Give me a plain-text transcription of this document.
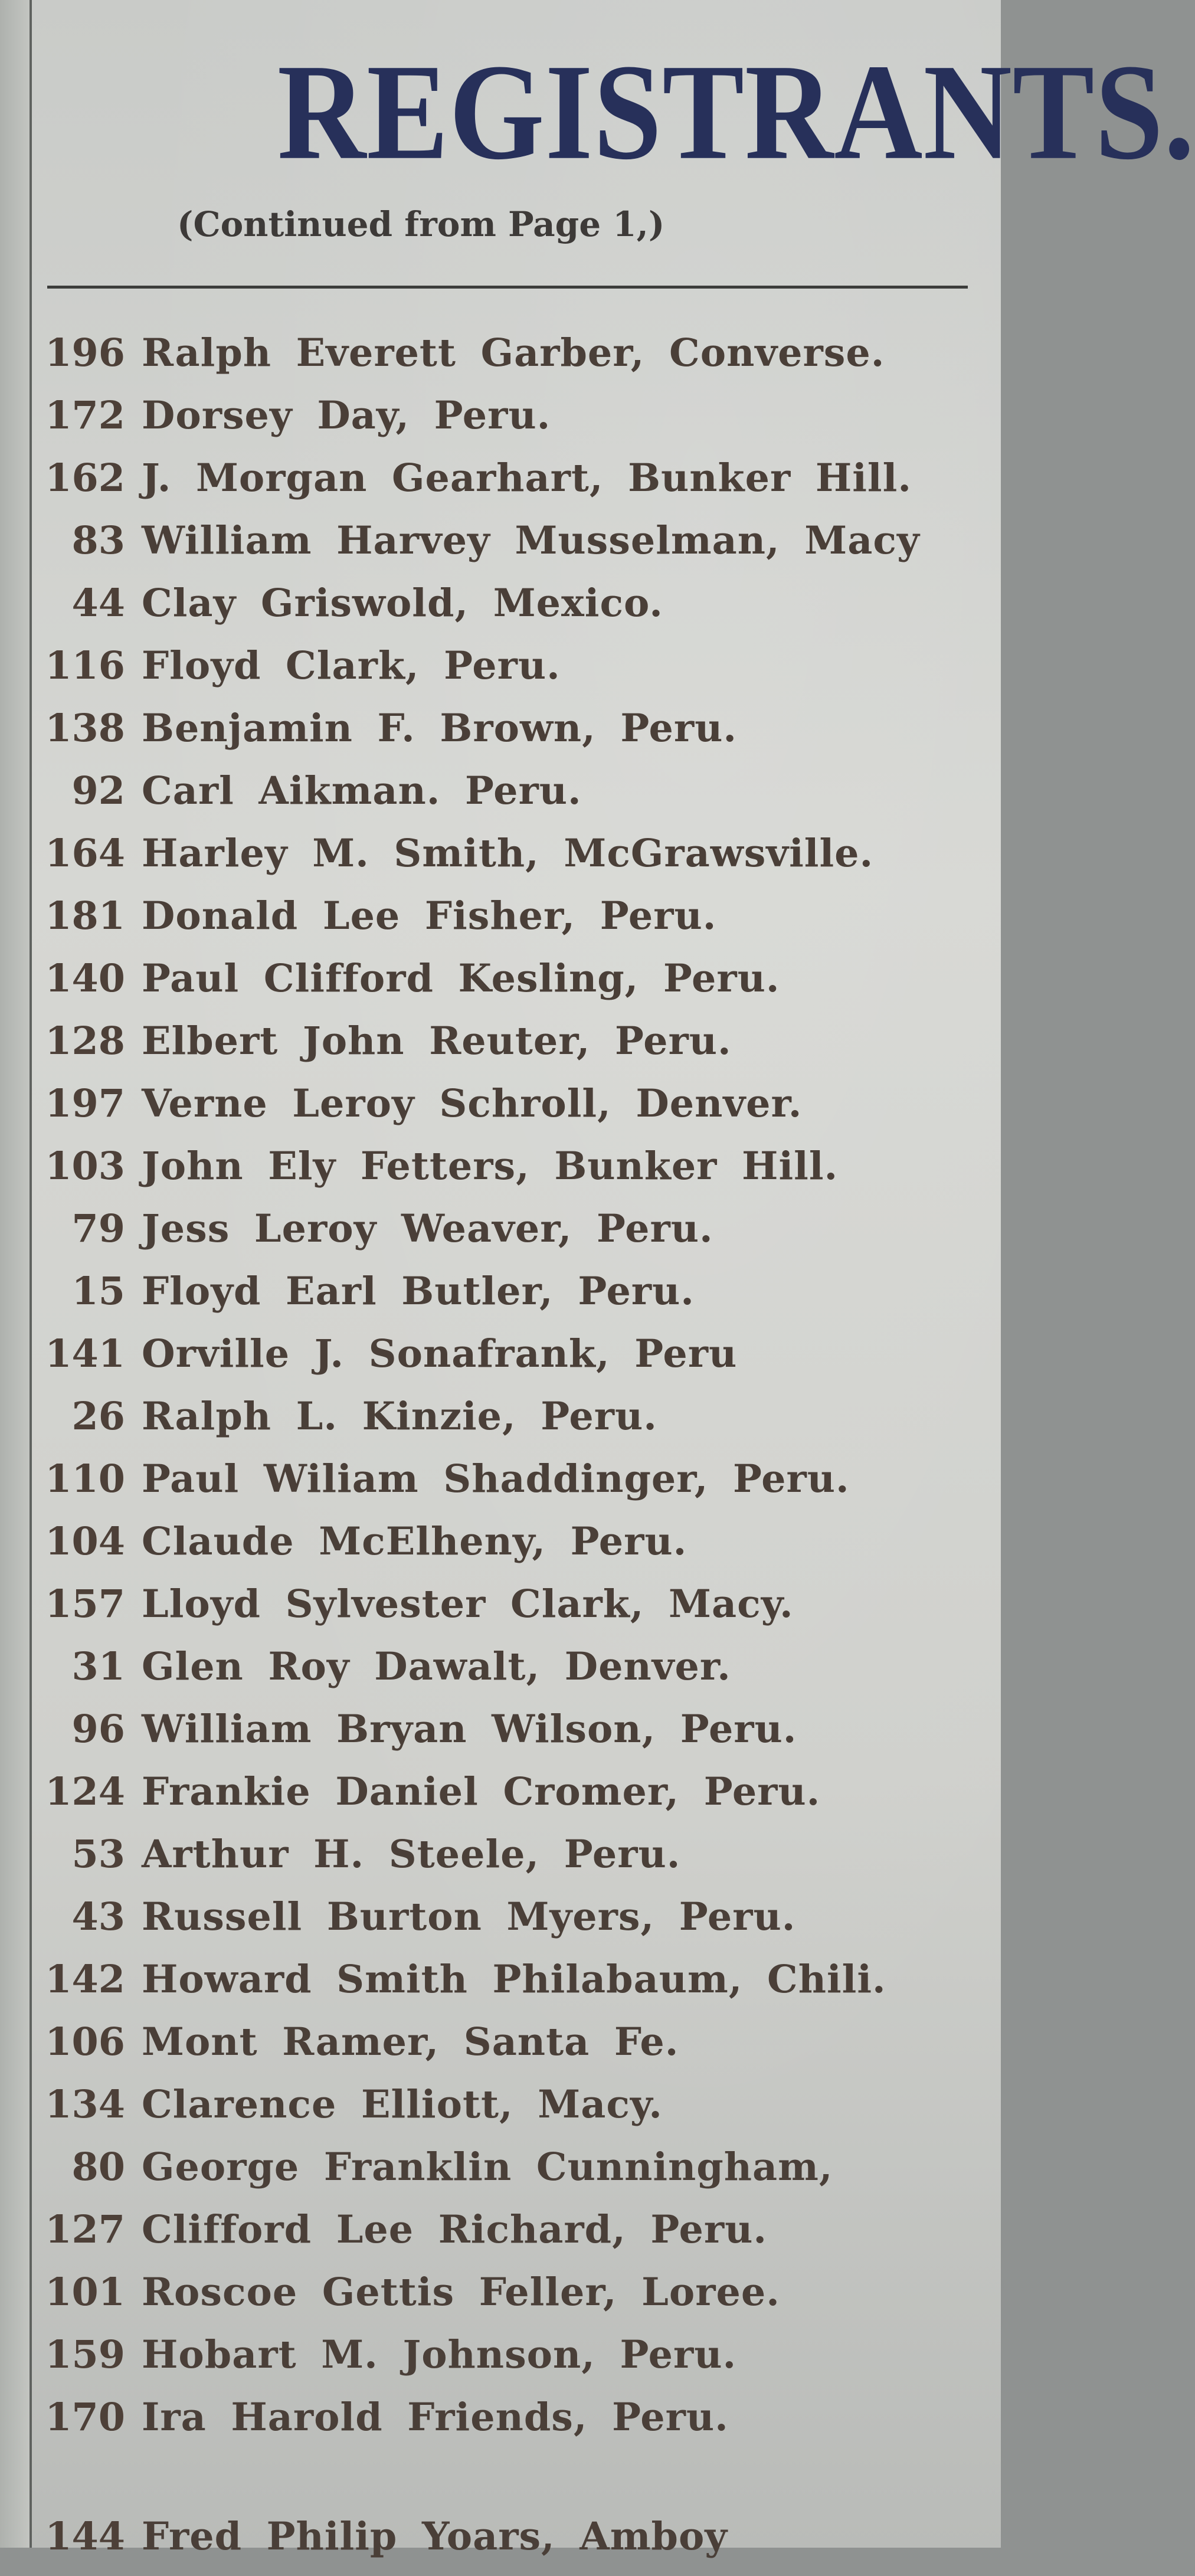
REGISTRANTS.
(Continued from Page 1,)
196 Ralph Everett Garber, Converse.
172 Dorsey Day, Peru.
162 J. Morgan Gearhart, Bunker Hill.
83 William Harvey Musselman, Macy
44 Clay Griswold, Mexico.
116 Floyd Clark, Peru.
138 Benjamin F. Brown, Peru.
92 Carl Aikman. Peru.
164 Harley M. Smith, McGrawsville.
181 Donald Lee Fisher, Peru.
140 Paul Clifford Kesling, Peru.
128 Elbert John Reuter, Peru.
197 Verne Leroy Schroll, Denver.
103 John Ely Fetters, Bunker Hill.
79 Jess Leroy Weaver, Peru.
15 Floyd Earl Butler, Peru.
141 Orville J. Sonafrank, Peru
26 Ralph L. Kinzie, Peru.
110 Paul Wiliam Shaddinger, Peru.
104 Claude McElheny, Peru.
157 Lloyd Sylvester Clark, Macy.
31 Glen Roy Dawalt, Denver.
96 William Bryan Wilson, Peru.
124 Frankie Daniel Cromer, Peru.
53 Arthur H. Steele, Peru.
43 Russell Burton Myers, Peru.
142 Howard Smith Philabaum, Chili.
106 Mont Ramer, Santa Fe.
134 Clarence Elliott, Macy.
80 George Franklin Cunningham,
127 Clifford Lee Richard, Peru.
101 Roscoe Gettis Feller, Loree.
159 Hobart M. Johnson, Peru.
170 Ira Harold Friends, Peru.
144 Fred Philip Yoars, Amboy
